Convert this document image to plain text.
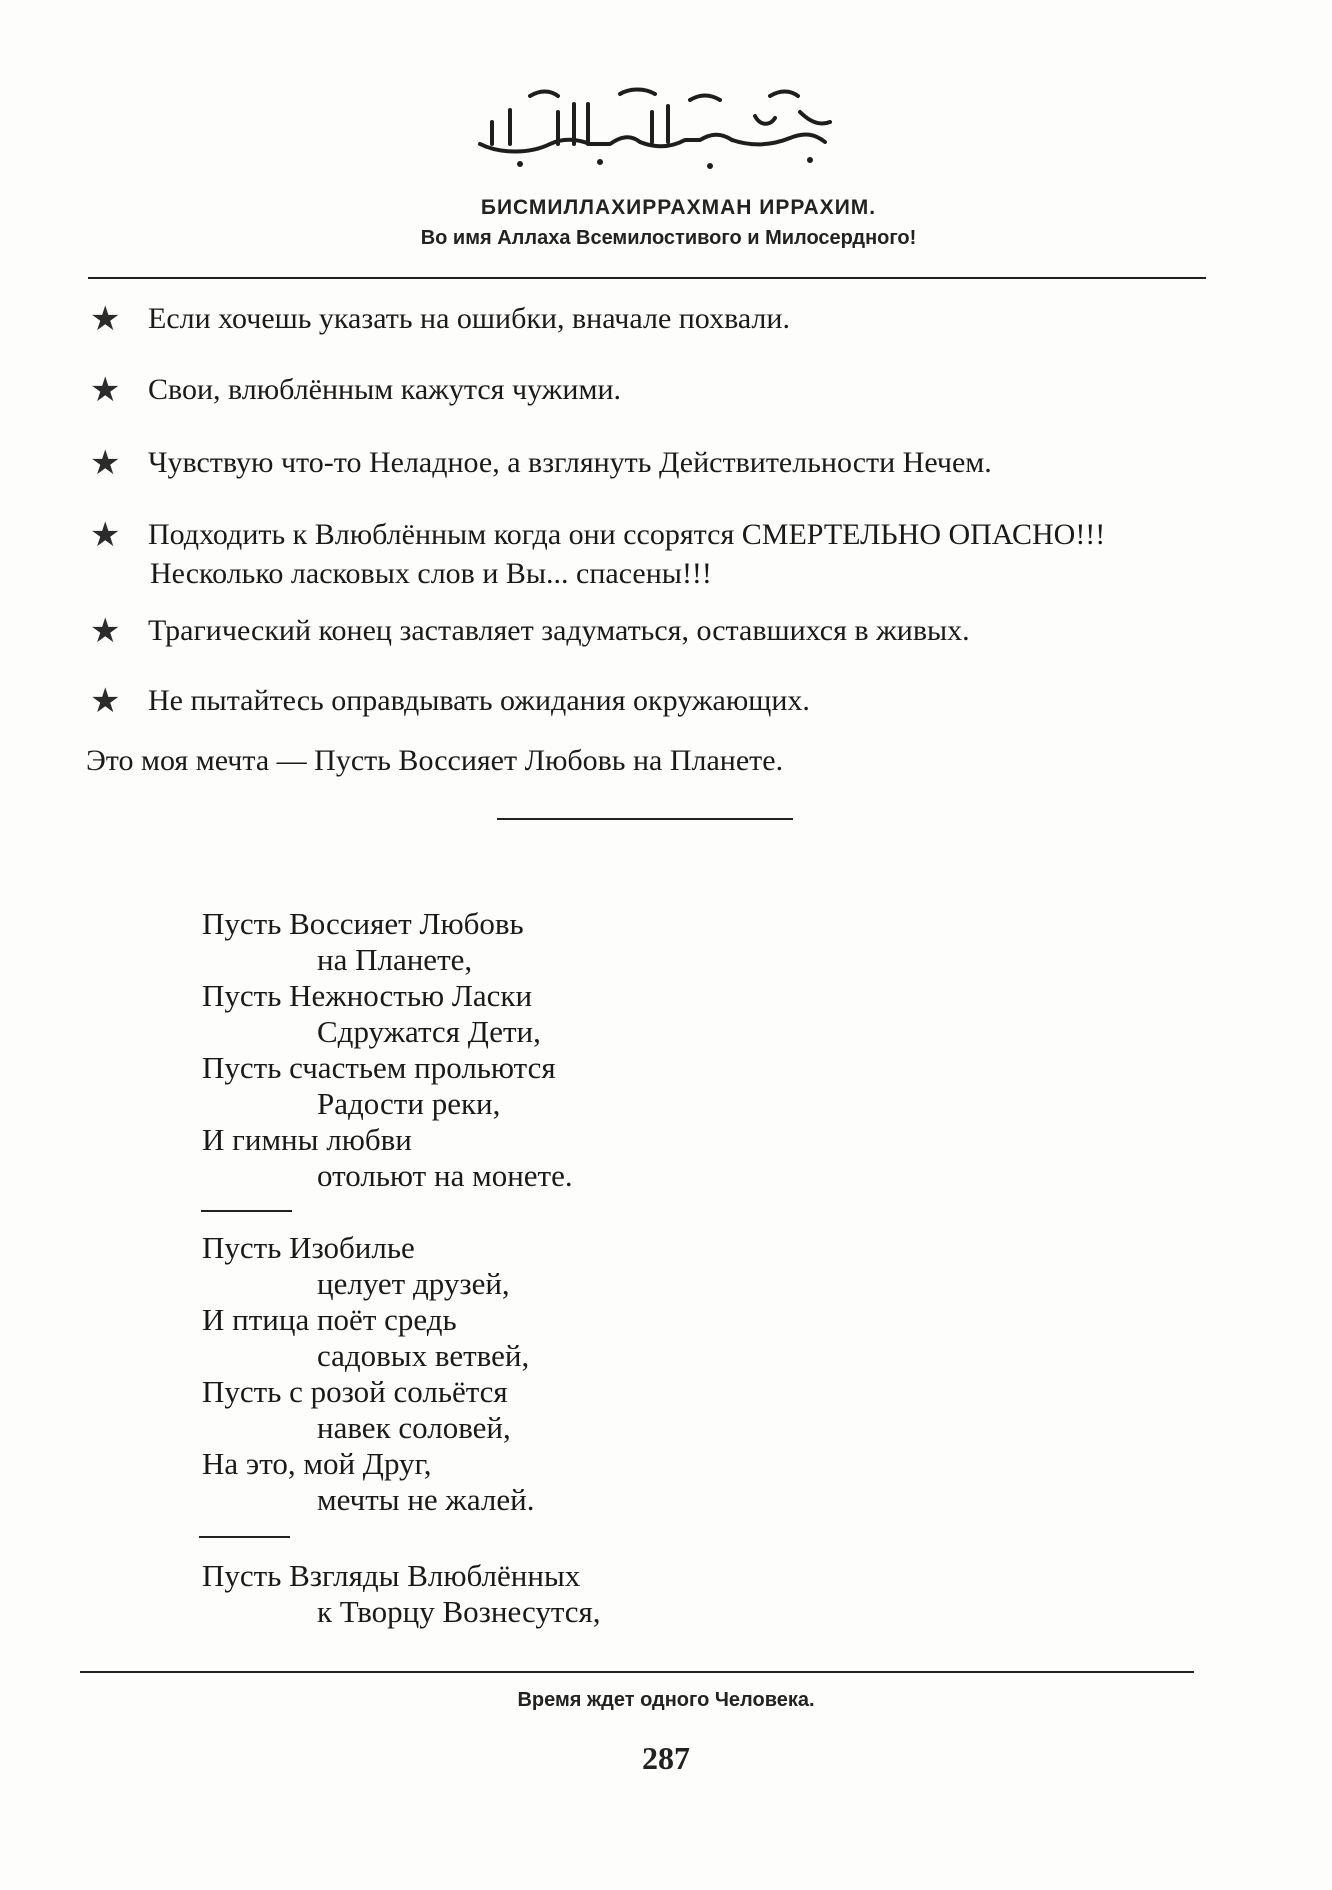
БИСМИЛЛАХИРРАХМАН ИРРАХИМ.
Во имя Аллаха Всемилостивого и Милосердного!
★ Если хочешь указать на ошибки, вначале похвали.
★ Свои, влюблённым кажутся чужими.
★ Чувствую что-то Неладное, а взглянуть Действительности Нечем.
★ Подходить к Влюблённым когда они ссорятся СМЕРТЕЛЬНО ОПАСНО!!!
Несколько ласковых слов и Вы... спасены!!!
★ Трагический конец заставляет задуматься, оставшихся в живых.
★ Не пытайтесь оправдывать ожидания окружающих.
Это моя мечта — Пусть Воссияет Любовь на Планете.
Пусть Воссияет Любовь
на Планете,
Пусть Нежностью Ласки
Сдружатся Дети,
Пусть счастьем прольются
Радости реки,
И гимны любви
отольют на монете.
Пусть Изобилье
целует друзей,
И птица поёт средь
садовых ветвей,
Пусть с розой сольётся
навек соловей,
На это, мой Друг,
мечты не жалей.
Пусть Взгляды Влюблённых
к Творцу Вознесутся,
Время ждет одного Человека.
287
